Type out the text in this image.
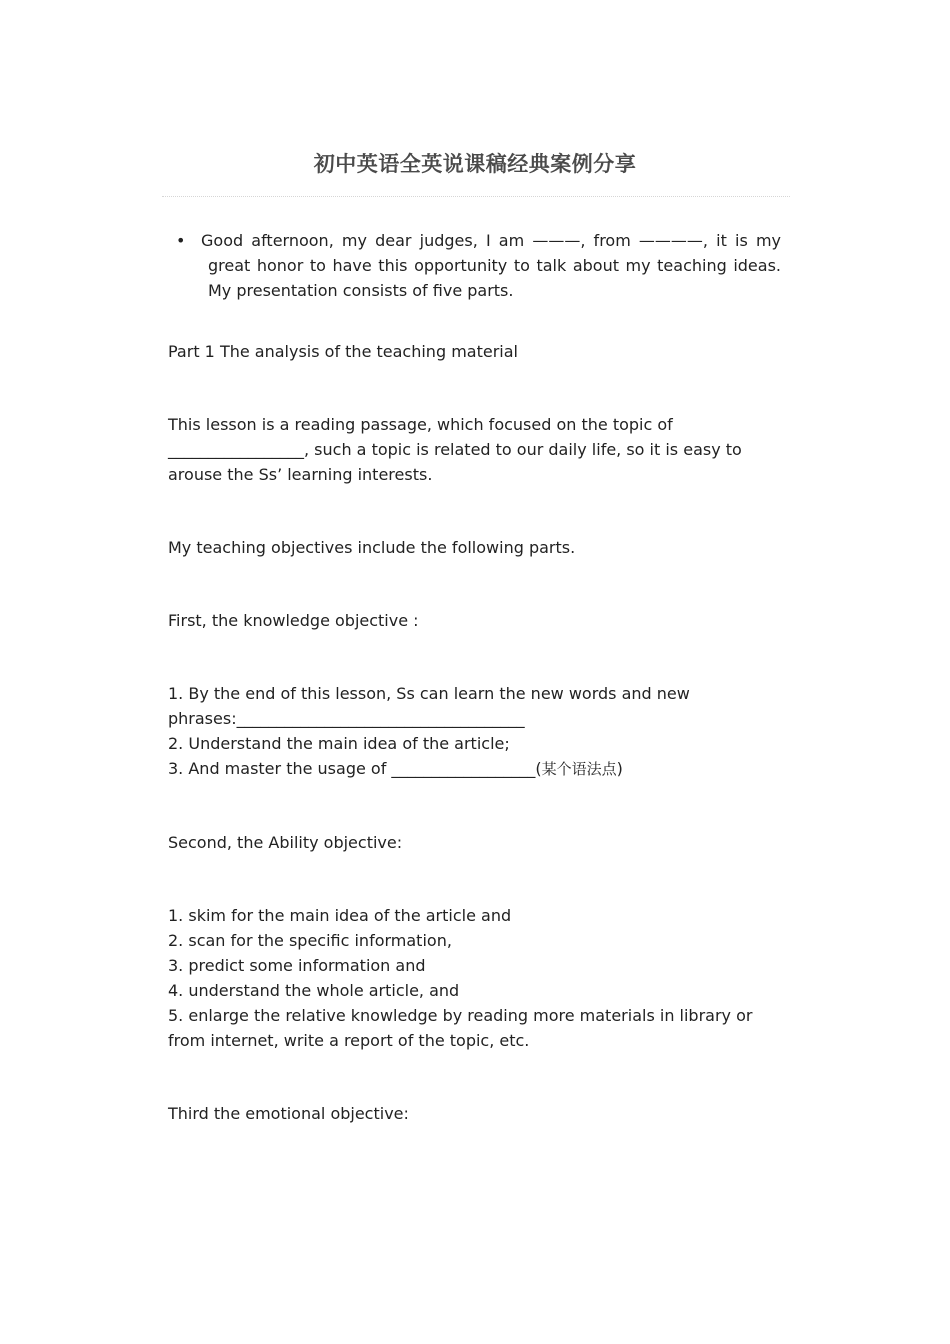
初中英语全英说课稿经典案例分享
• Good afternoon, my dear judges, I am ———, from ————, it is my great honor to have this opportunity to talk about my teaching ideas. My presentation consists of five parts.

Part 1 The analysis of the teaching material

This lesson is a reading passage, which focused on the topic of _________________, such a topic is related to our daily life, so it is easy to arouse the Ss’ learning interests.

My teaching objectives include the following parts.

First, the knowledge objective :

1. By the end of this lesson, Ss can learn the new words and new phrases:____________________________________
2. Understand the main idea of the article;
3. And master the usage of __________________(某个语法点)

Second, the Ability objective:

1. skim for the main idea of the article and
2. scan for the specific information,
3. predict some information and
4. understand the whole article, and
5. enlarge the relative knowledge by reading more materials in library or from internet, write a report of the topic, etc.

Third the emotional objective:
